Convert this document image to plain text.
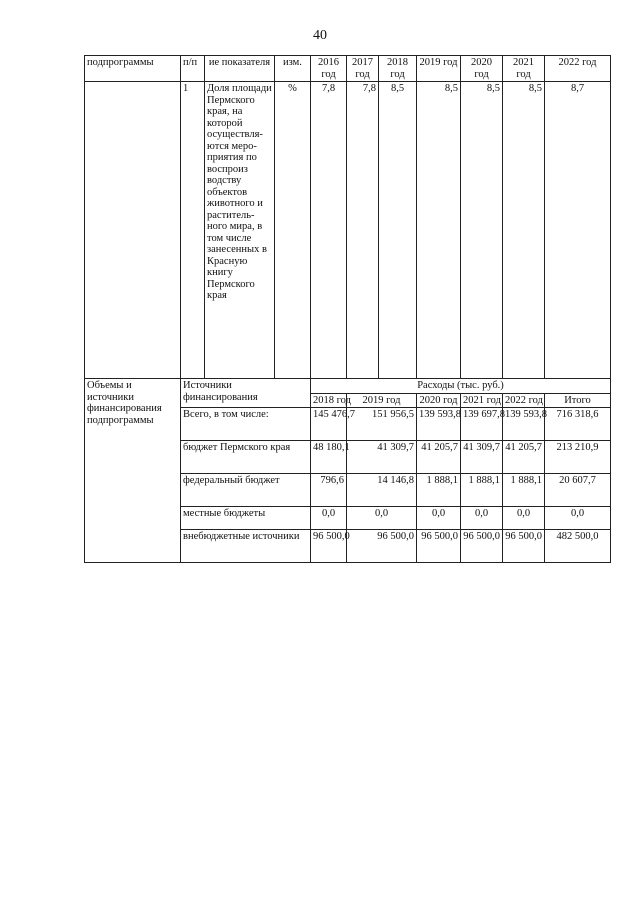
40
подпрограммы	п/п	ие показателя	изм.	2016 год	2017 год	2018 год	2019 год	2020 год	2021 год	2022 год
	1	Доля площади Пермского края, на которой осуществля-ются меро-приятия по воспроиз водству объектов животного и раститель-ного мира, в том числе занесенных в Красную книгу Пермского края	%	7,8	7,8	8,5	8,5	8,5	8,5	8,7
Объемы и источники финансирования подпрограммы	Источники финансирования			Расходы (тыс. руб.)						
				2018 год	2019 год		2020 год	2021 год	2022 год	Итого
	Всего, в том числе:			145 476,7	151 956,5		139 593,8	139 697,8	139 593,8	716 318,6
	бюджет Пермского края			48 180,1	41 309,7		41 205,7	41 309,7	41 205,7	213 210,9
	федеральный бюджет			796,6	14 146,8		1 888,1	1 888,1	1 888,1	20 607,7
	местные бюджеты			0,0	0,0		0,0	0,0	0,0	0,0
	внебюджетные источники			96 500,0	96 500,0		96 500,0	96 500,0	96 500,0	482 500,0
